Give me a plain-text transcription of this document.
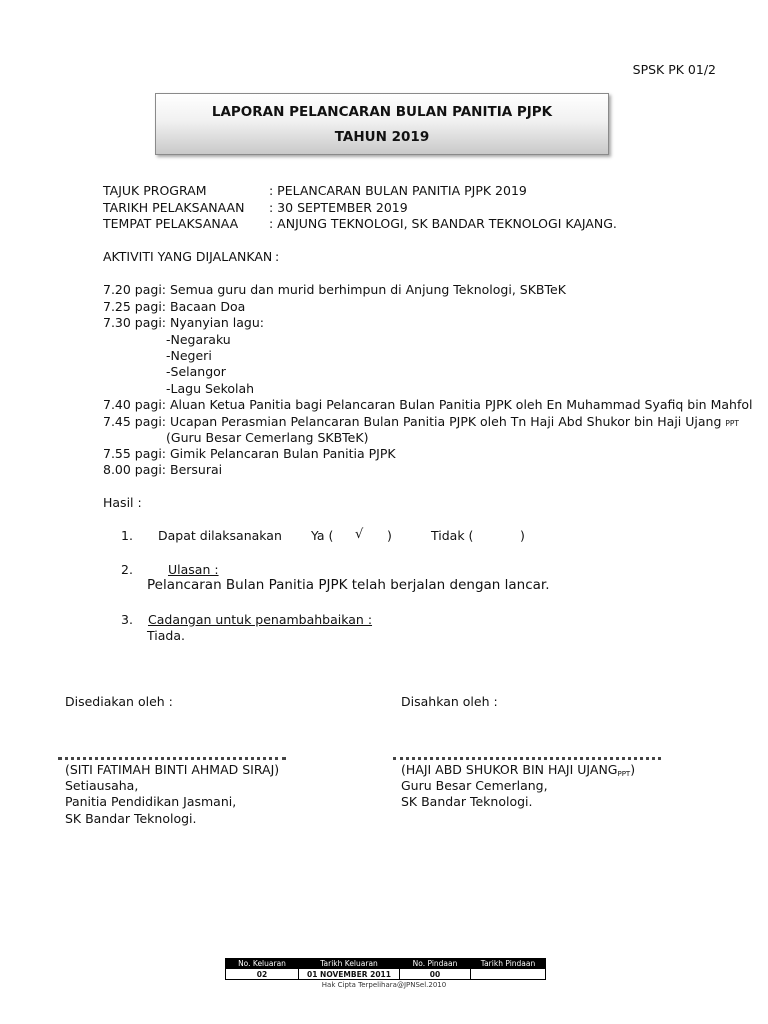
SPSK PK 01/2
LAPORAN PELANCARAN BULAN PANITIA PJPK
TAHUN 2019
TAJUK PROGRAM	: PELANCARAN BULAN PANITIA PJPK 2019
TARIKH PELAKSANAAN : 30 SEPTEMBER 2019
TEMPAT PELAKSANAA : ANJUNG TEKNOLOGI, SK BANDAR TEKNOLOGI KAJANG.
AKTIVITI YANG DIJALANKAN :
7.20 pagi: Semua guru dan murid berhimpun di Anjung Teknologi, SKBTeK
7.25 pagi: Bacaan Doa
7.30 pagi: Nyanyian lagu:
-Negaraku
-Negeri
-Selangor
-Lagu Sekolah
7.40 pagi: Aluan Ketua Panitia bagi Pelancaran Bulan Panitia PJPK oleh En Muhammad Syafiq bin Mahfol
7.45 pagi: Ucapan Perasmian Pelancaran Bulan Panitia PJPK oleh Tn Haji Abd Shukor bin Haji Ujang PPT
(Guru Besar Cemerlang SKBTeK)
7.55 pagi: Gimik Pelancaran Bulan Panitia PJPK
8.00 pagi: Bersurai
Hasil :
1. Dapat dilaksanakan Ya ( √ )	Tidak (	)
2.	Ulasan :
Pelancaran Bulan Panitia PJPK telah berjalan dengan lancar.
3. Cadangan untuk penambahbaikan :
Tiada.
Disediakan oleh :	Disahkan oleh :
(SITI FATIMAH BINTI AHMAD SIRAJ)
Setiausaha,
Panitia Pendidikan Jasmani,
SK Bandar Teknologi.
(HAJI ABD SHUKOR BIN HAJI $UJANG_{PPT}$)
Guru Besar Cemerlang,
SK Bandar Teknologi.
No. Keluaran	Tarikh Keluaran	No. Pindaan	Tarikh Pindaan
02	01 NOVEMBER 2011	00	
Hak Cipta Terpelihara@JPNSel.2010
